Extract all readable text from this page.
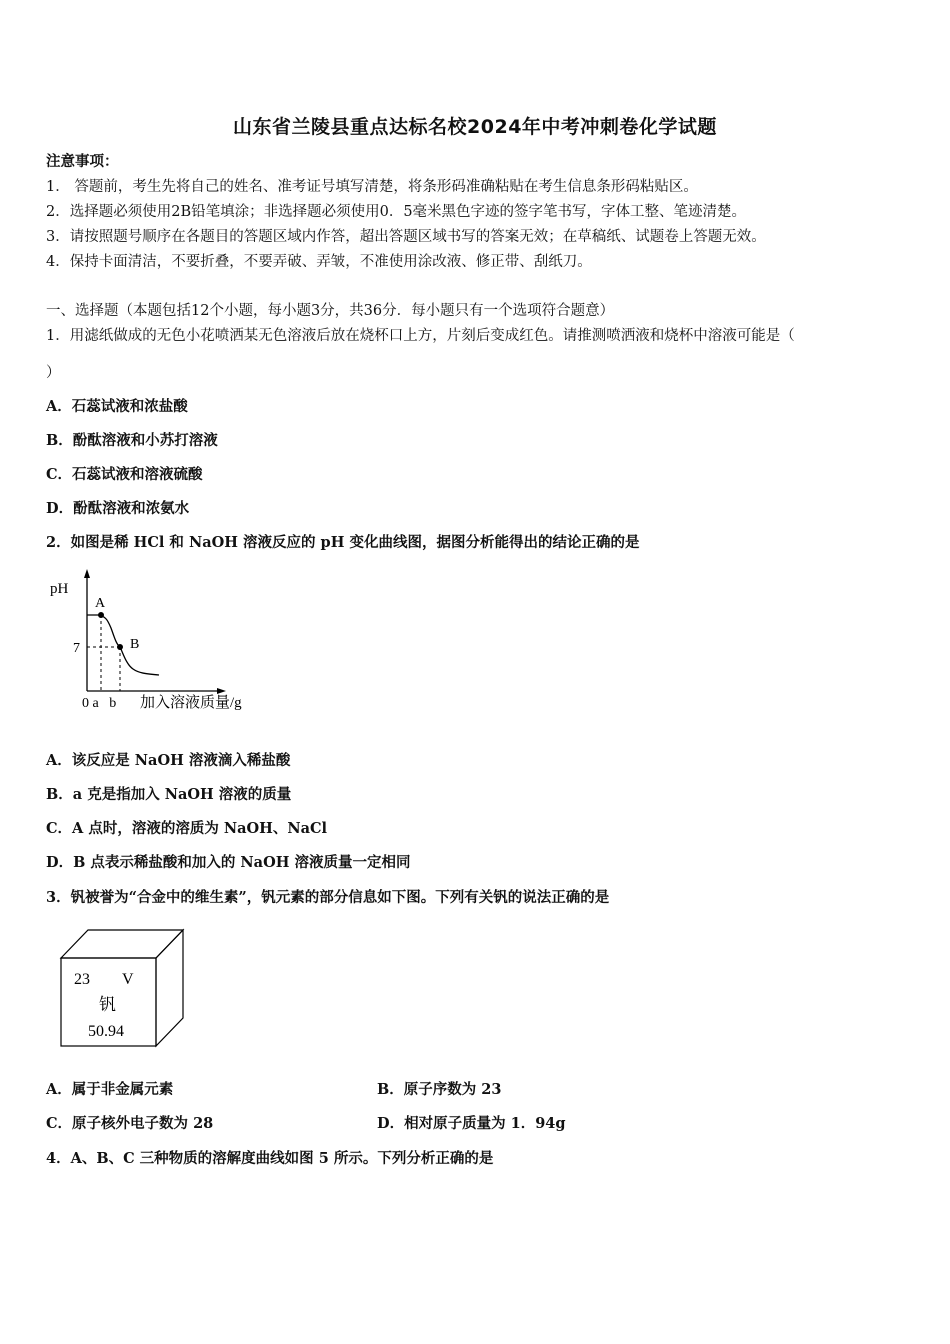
山东省兰陵县重点达标名校2024年中考冲刺卷化学试题
注意事项：
1． 答题前，考生先将自己的姓名、准考证号填写清楚，将条形码准确粘贴在考生信息条形码粘贴区。
2．选择题必须使用2B铅笔填涂；非选择题必须使用0．5毫米黑色字迹的签字笔书写，字体工整、笔迹清楚。
3．请按照题号顺序在各题目的答题区域内作答，超出答题区域书写的答案无效；在草稿纸、试题卷上答题无效。
4．保持卡面清洁，不要折叠，不要弄破、弄皱，不准使用涂改液、修正带、刮纸刀。
一、选择题（本题包括12个小题，每小题3分，共36分．每小题只有一个选项符合题意）
1．用滤纸做成的无色小花喷洒某无色溶液后放在烧杯口上方，片刻后变成红色。请推测喷洒液和烧杯中溶液可能是（
）
A．石蕊试液和浓盐酸
B．酚酞溶液和小苏打溶液
C．石蕊试液和溶液硫酸
D．酚酞溶液和浓氨水
2．如图是稀 HCl 和 NaOH 溶液反应的 pH 变化曲线图，据图分析能得出的结论正确的是
pH
7
A
B
0 a   b 加入溶液质量/g
A．该反应是 NaOH 溶液滴入稀盐酸
B．a 克是指加入 NaOH 溶液的质量
C．A 点时，溶液的溶质为 NaOH、NaCl
D．B 点表示稀盐酸和加入的 NaOH 溶液质量一定相同
3．钒被誉为“合金中的维生素”，钒元素的部分信息如下图。下列有关钒的说法正确的是
23 V
钒
50.94
A．属于非金属元素	B．原子序数为 23
C．原子核外电子数为 28	D．相对原子质量为 1．94g
4．A、B、C 三种物质的溶解度曲线如图 5 所示。下列分析正确的是
